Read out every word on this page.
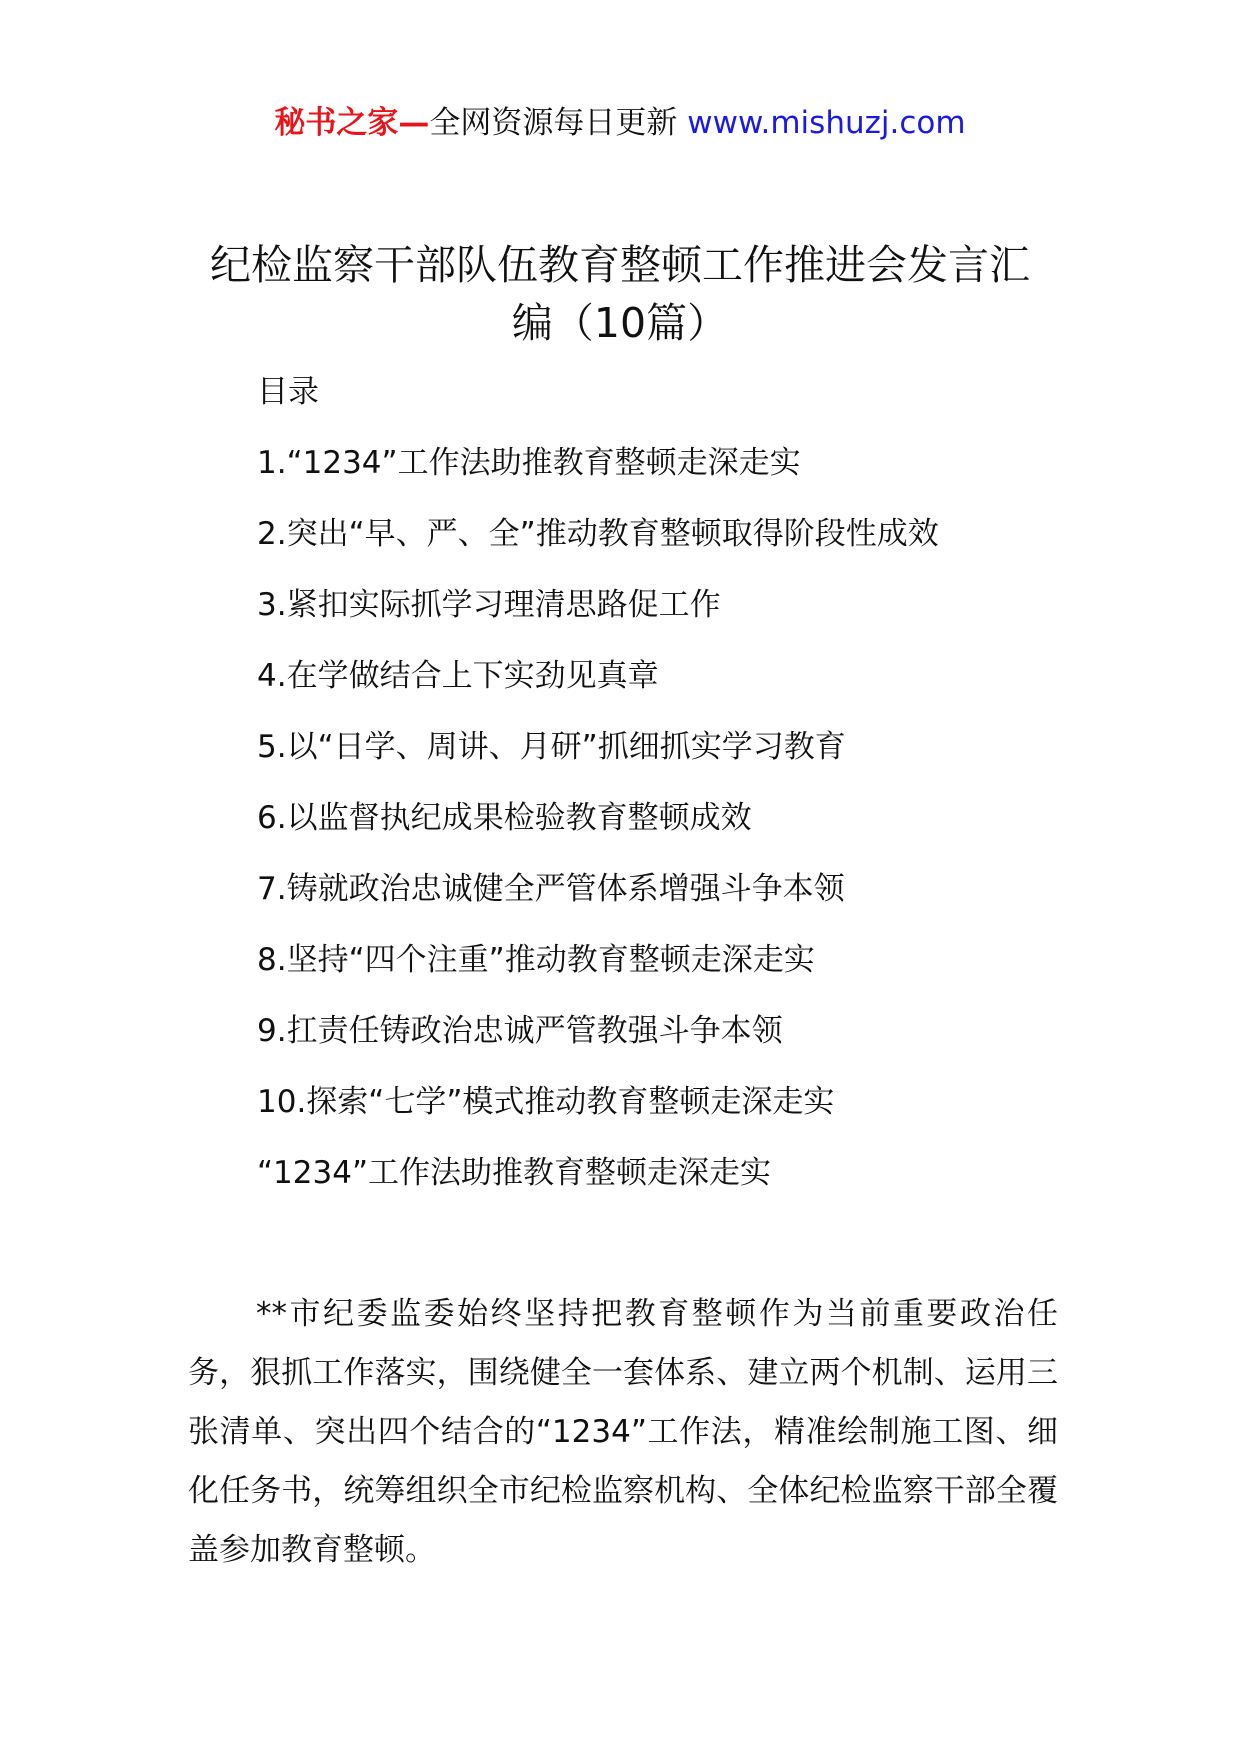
秘书之家—全网资源每日更新 www.mishuzj.com
纪检监察干部队伍教育整顿工作推进会发言汇编（10篇）
目录
1.“1234”工作法助推教育整顿走深走实
2.突出“早、严、全”推动教育整顿取得阶段性成效
3.紧扣实际抓学习理清思路促工作
4.在学做结合上下实劲见真章
5.以“日学、周讲、月研”抓细抓实学习教育
6.以监督执纪成果检验教育整顿成效
7.铸就政治忠诚健全严管体系增强斗争本领
8.坚持“四个注重”推动教育整顿走深走实
9.扛责任铸政治忠诚严管教强斗争本领
10.探索“七学”模式推动教育整顿走深走实
“1234”工作法助推教育整顿走深走实

**市纪委监委始终坚持把教育整顿作为当前重要政治任务，狠抓工作落实，围绕健全一套体系、建立两个机制、运用三张清单、突出四个结合的“1234”工作法，精准绘制施工图、细化任务书，统筹组织全市纪检监察机构、全体纪检监察干部全覆盖参加教育整顿。
